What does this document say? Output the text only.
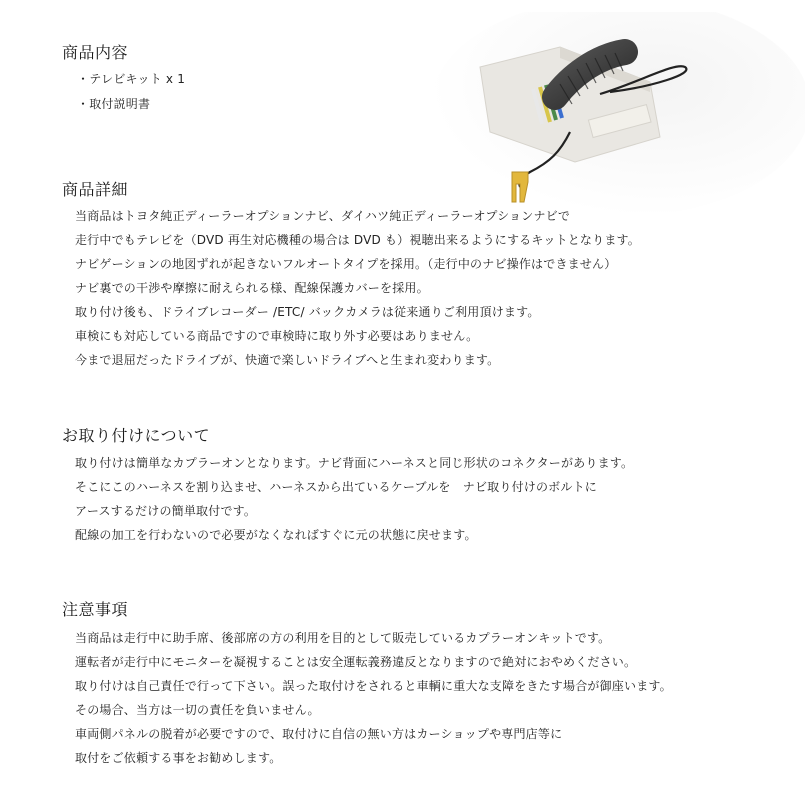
商品内容
・テレビキット x 1
・取付説明書
商品詳細
当商品はトヨタ純正ディーラーオプションナビ、ダイハツ純正ディーラーオプションナビで
走行中でもテレビを（DVD 再生対応機種の場合は DVD も）視聴出来るようにするキットとなります。
ナビゲーションの地図ずれが起きないフルオートタイプを採用。（走行中のナビ操作はできません）
ナビ裏での干渉や摩擦に耐えられる様、配線保護カバーを採用。
取り付け後も、ドライブレコーダー /ETC/ バックカメラは従来通りご利用頂けます。
車検にも対応している商品ですので車検時に取り外す必要はありません。
今まで退屈だったドライブが、快適で楽しいドライブへと生まれ変わります。
お取り付けについて
取り付けは簡単なカプラーオンとなります。ナビ背面にハーネスと同じ形状のコネクターがあります。
そこにこのハーネスを割り込ませ、ハーネスから出ているケーブルを　ナビ取り付けのボルトに
アースするだけの簡単取付です。
配線の加工を行わないので必要がなくなればすぐに元の状態に戻せます。
注意事項
当商品は走行中に助手席、後部席の方の利用を目的として販売しているカプラーオンキットです。
運転者が走行中にモニターを凝視することは安全運転義務違反となりますので絶対におやめください。
取り付けは自己責任で行って下さい。誤った取付けをされると車輌に重大な支障をきたす場合が御座います。
その場合、当方は一切の責任を負いません。
車両側パネルの脱着が必要ですので、取付けに自信の無い方はカーショップや専門店等に
取付をご依頼する事をお勧めします。
